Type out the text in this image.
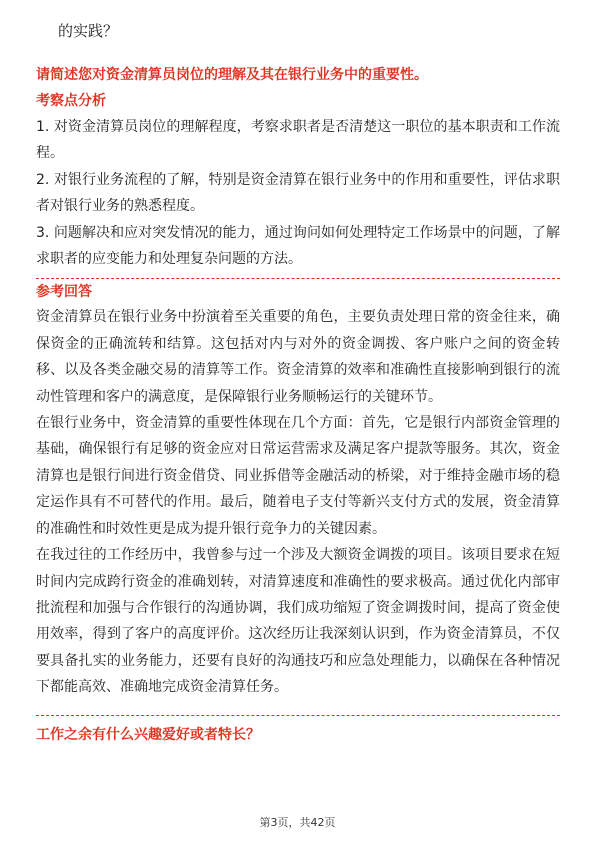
的实践？

请简述您对资金清算员岗位的理解及其在银行业务中的重要性。

考察点分析

1. 对资金清算员岗位的理解程度，考察求职者是否清楚这一职位的基本职责和工作流程。

2. 对银行业务流程的了解，特别是资金清算在银行业务中的作用和重要性，评估求职者对银行业务的熟悉程度。

3. 问题解决和应对突发情况的能力，通过询问如何处理特定工作场景中的问题，了解求职者的应变能力和处理复杂问题的方法。

参考回答

资金清算员在银行业务中扮演着至关重要的角色，主要负责处理日常的资金往来，确保资金的正确流转和结算。这包括对内与对外的资金调拨、客户账户之间的资金转移、以及各类金融交易的清算等工作。资金清算的效率和准确性直接影响到银行的流动性管理和客户的满意度，是保障银行业务顺畅运行的关键环节。

在银行业务中，资金清算的重要性体现在几个方面：首先，它是银行内部资金管理的基础，确保银行有足够的资金应对日常运营需求及满足客户提款等服务。其次，资金清算也是银行间进行资金借贷、同业拆借等金融活动的桥梁，对于维持金融市场的稳定运作具有不可替代的作用。最后，随着电子支付等新兴支付方式的发展，资金清算的准确性和时效性更是成为提升银行竞争力的关键因素。

在我过往的工作经历中，我曾参与过一个涉及大额资金调拨的项目。该项目要求在短时间内完成跨行资金的准确划转，对清算速度和准确性的要求极高。通过优化内部审批流程和加强与合作银行的沟通协调，我们成功缩短了资金调拨时间，提高了资金使用效率，得到了客户的高度评价。这次经历让我深刻认识到，作为资金清算员，不仅要具备扎实的业务能力，还要有良好的沟通技巧和应急处理能力，以确保在各种情况下都能高效、准确地完成资金清算任务。

工作之余有什么兴趣爱好或者特长？

第3页，共42页
